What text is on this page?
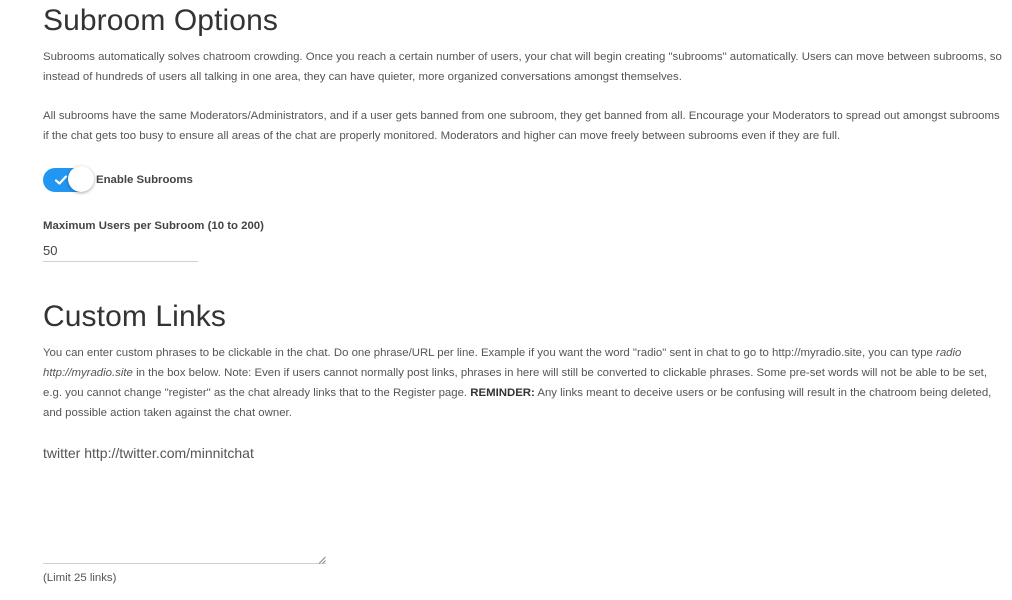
Subroom Options

Subrooms automatically solves chatroom crowding. Once you reach a certain number of users, your chat will begin creating "subrooms" automatically. Users can move between subrooms, so instead of hundreds of users all talking in one area, they can have quieter, more organized conversations amongst themselves.

All subrooms have the same Moderators/Administrators, and if a user gets banned from one subroom, they get banned from all. Encourage your Moderators to spread out amongst subrooms if the chat gets too busy to ensure all areas of the chat are properly monitored. Moderators and higher can move freely between subrooms even if they are full.

Enable Subrooms

Maximum Users per Subroom (10 to 200)

50
Custom Links

You can enter custom phrases to be clickable in the chat. Do one phrase/URL per line. Example if you want the word "radio" sent in chat to go to http://myradio.site, you can type radio http://myradio.site in the box below. Note: Even if users cannot normally post links, phrases in here will still be converted to clickable phrases. Some pre-set words will not be able to be set, e.g. you cannot change "register" as the chat already links that to the Register page. REMINDER: Any links meant to deceive users or be confusing will result in the chatroom being deleted, and possible action taken against the chat owner.

twitter http://twitter.com/minnitchat

(Limit 25 links)
